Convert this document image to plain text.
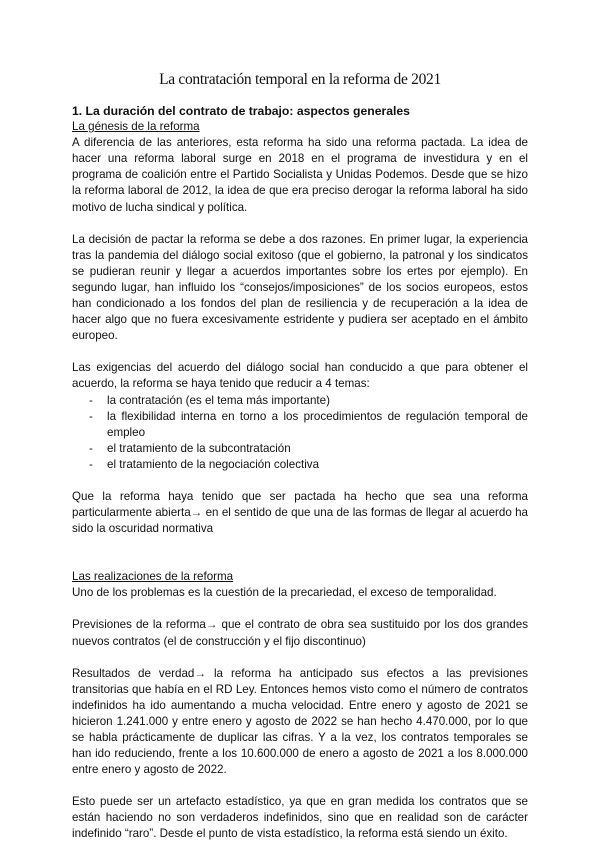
La contratación temporal en la reforma de 2021

1. La duración del contrato de trabajo: aspectos generales

La génesis de la reforma

A diferencia de las anteriores, esta reforma ha sido una reforma pactada. La idea de hacer una reforma laboral surge en 2018 en el programa de investidura y en el programa de coalición entre el Partido Socialista y Unidas Podemos. Desde que se hizo la reforma laboral de 2012, la idea de que era preciso derogar la reforma laboral ha sido motivo de lucha sindical y política.

La decisión de pactar la reforma se debe a dos razones. En primer lugar, la experiencia tras la pandemia del diálogo social exitoso (que el gobierno, la patronal y los sindicatos se pudieran reunir y llegar a acuerdos importantes sobre los ertes por ejemplo). En segundo lugar, han influido los “consejos/imposiciones” de los socios europeos, estos han condicionado a los fondos del plan de resiliencia y de recuperación a la idea de hacer algo que no fuera excesivamente estridente y pudiera ser aceptado en el ámbito europeo.

Las exigencias del acuerdo del diálogo social han conducido a que para obtener el acuerdo, la reforma se haya tenido que reducir a 4 temas:

- la contratación (es el tema más importante)
- la flexibilidad interna en torno a los procedimientos de regulación temporal de empleo
- el tratamiento de la subcontratación
- el tratamiento de la negociación colectiva

Que la reforma haya tenido que ser pactada ha hecho que sea una reforma particularmente abierta→ en el sentido de que una de las formas de llegar al acuerdo ha sido la oscuridad normativa

Las realizaciones de la reforma

Uno de los problemas es la cuestión de la precariedad, el exceso de temporalidad.

Previsiones de la reforma→ que el contrato de obra sea sustituido por los dos grandes nuevos contratos (el de construcción y el fijo discontinuo)

Resultados de verdad→ la reforma ha anticipado sus efectos a las previsiones transitorias que había en el RD Ley. Entonces hemos visto como el número de contratos indefinidos ha ido aumentando a mucha velocidad. Entre enero y agosto de 2021 se hicieron 1.241.000 y entre enero y agosto de 2022 se han hecho 4.470.000, por lo que se habla prácticamente de duplicar las cifras. Y a la vez, los contratos temporales se han ido reduciendo, frente a los 10.600.000 de enero a agosto de 2021 a los 8.000.000 entre enero y agosto de 2022.

Esto puede ser un artefacto estadístico, ya que en gran medida los contratos que se están haciendo no son verdaderos indefinidos, sino que en realidad son de carácter indefinido “raro”. Desde el punto de vista estadístico, la reforma está siendo un éxito.
